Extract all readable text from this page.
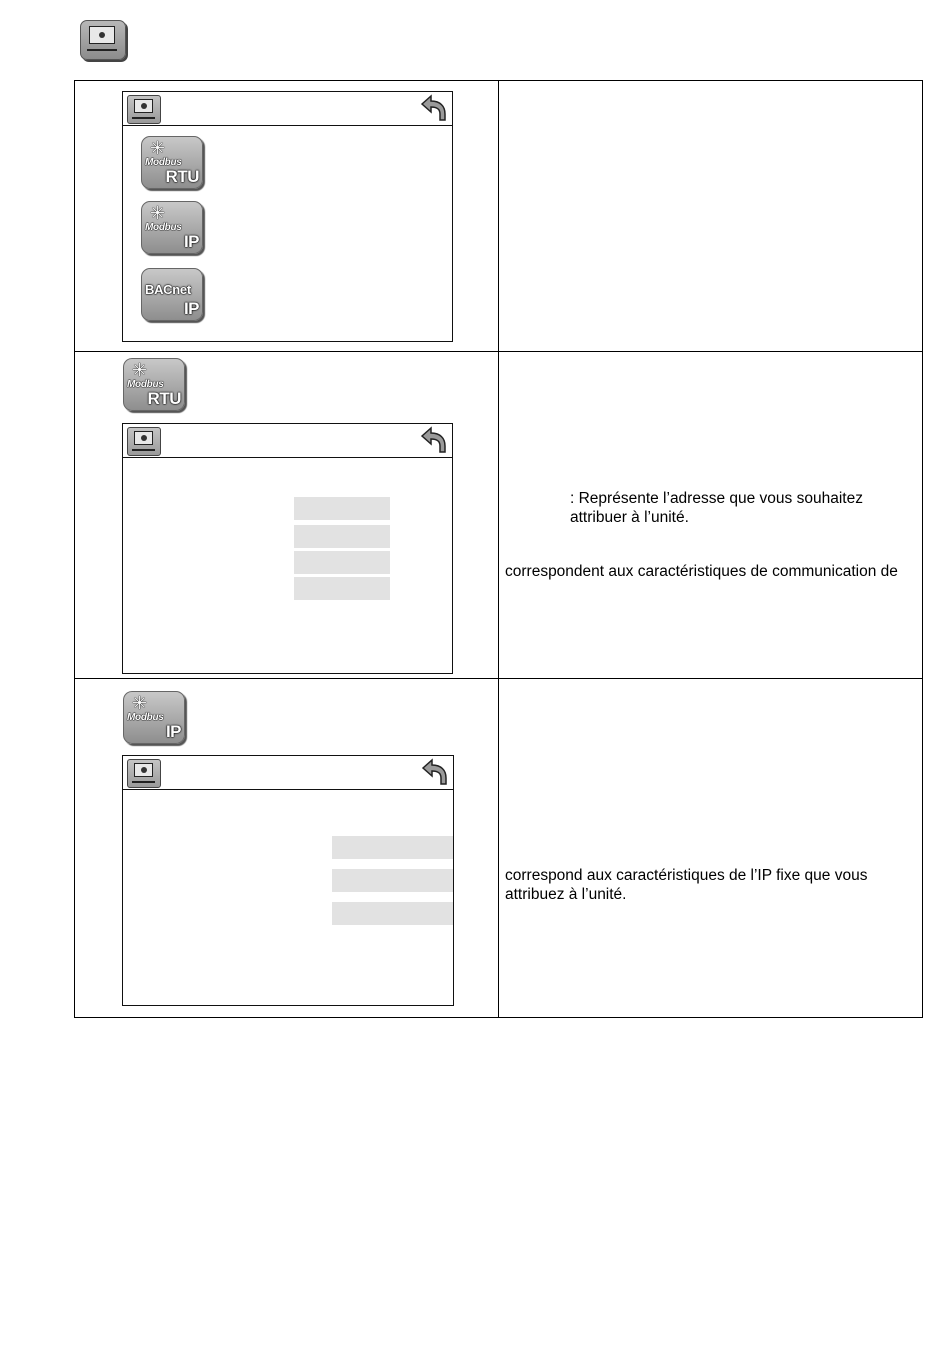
✳
Modbus
RTU
✳
Modbus
IP
BACnet
IP
✳
Modbus
RTU
: Représente l’adresse que vous souhaitez attribuer à l’unité.
correspondent aux caractéristiques de communication de
✳
Modbus
IP
correspond aux caractéristiques de l’IP fixe que vous attribuez à l’unité.
